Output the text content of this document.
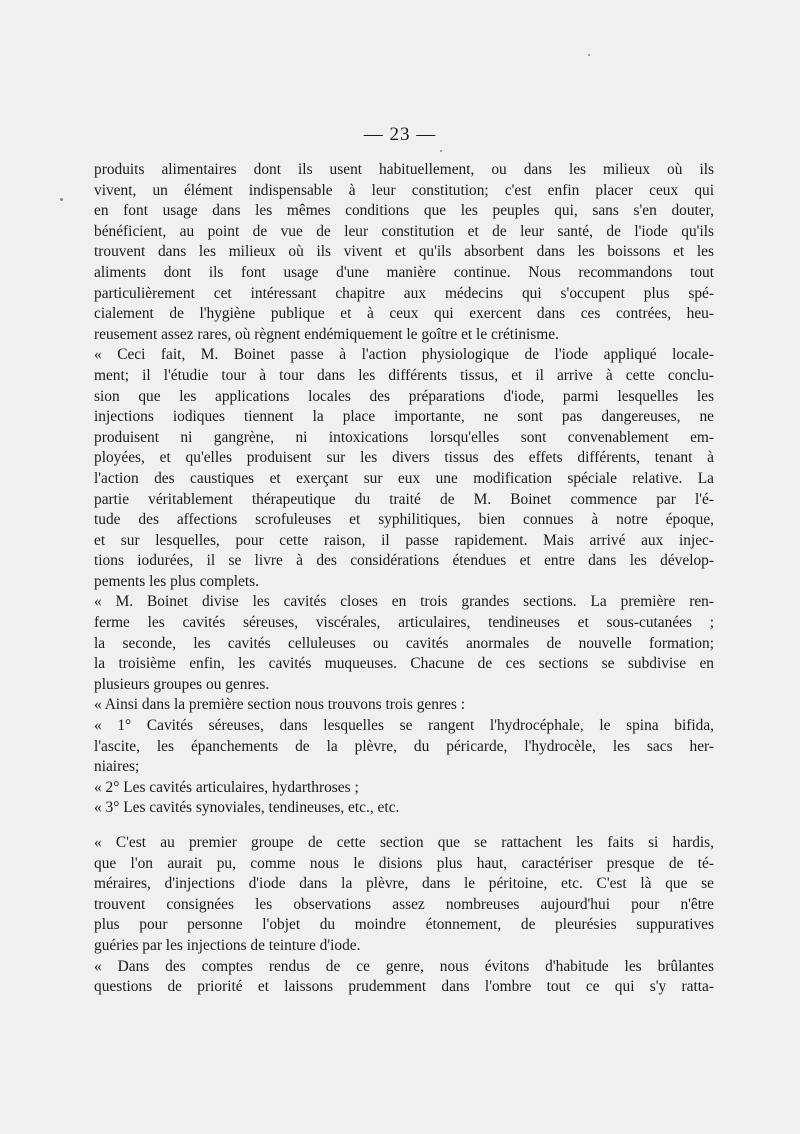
— 23 —
produits alimentaires dont ils usent habituellement, ou dans les milieux où ils
vivent, un élément indispensable à leur constitution; c'est enfin placer ceux qui
en font usage dans les mêmes conditions que les peuples qui, sans s'en douter,
bénéficient, au point de vue de leur constitution et de leur santé, de l'iode qu'ils
trouvent dans les milieux où ils vivent et qu'ils absorbent dans les boissons et les
aliments dont ils font usage d'une manière continue. Nous recommandons tout
particulièrement cet intéressant chapitre aux médecins qui s'occupent plus spé-
cialement de l'hygiène publique et à ceux qui exercent dans ces contrées, heu-
reusement assez rares, où règnent endémiquement le goître et le crétinisme.
« Ceci fait, M. Boinet passe à l'action physiologique de l'iode appliqué locale-
ment; il l'étudie tour à tour dans les différents tissus, et il arrive à cette conclu-
sion que les applications locales des préparations d'iode, parmi lesquelles les
injections iodiques tiennent la place importante, ne sont pas dangereuses, ne
produisent ni gangrène, ni intoxications lorsqu'elles sont convenablement em-
ployées, et qu'elles produisent sur les divers tissus des effets différents, tenant à
l'action des caustiques et exerçant sur eux une modification spéciale relative. La
partie véritablement thérapeutique du traité de M. Boinet commence par l'é-
tude des affections scrofuleuses et syphilitiques, bien connues à notre époque,
et sur lesquelles, pour cette raison, il passe rapidement. Mais arrivé aux injec-
tions iodurées, il se livre à des considérations étendues et entre dans les dévelop-
pements les plus complets.
« M. Boinet divise les cavités closes en trois grandes sections. La première ren-
ferme les cavités séreuses, viscérales, articulaires, tendineuses et sous-cutanées ;
la seconde, les cavités celluleuses ou cavités anormales de nouvelle formation;
la troisième enfin, les cavités muqueuses. Chacune de ces sections se subdivise en
plusieurs groupes ou genres.
« Ainsi dans la première section nous trouvons trois genres :
« 1° Cavités séreuses, dans lesquelles se rangent l'hydrocéphale, le spina bifida,
l'ascite, les épanchements de la plèvre, du péricarde, l'hydrocèle, les sacs her-
niaires;
« 2° Les cavités articulaires, hydarthroses ;
« 3° Les cavités synoviales, tendineuses, etc., etc.
« C'est au premier groupe de cette section que se rattachent les faits si hardis,
que l'on aurait pu, comme nous le disions plus haut, caractériser presque de té-
méraires, d'injections d'iode dans la plèvre, dans le péritoine, etc. C'est là que se
trouvent consignées les observations assez nombreuses aujourd'hui pour n'être
plus pour personne l'objet du moindre étonnement, de pleurésies suppuratives
guéries par les injections de teinture d'iode.
« Dans des comptes rendus de ce genre, nous évitons d'habitude les brûlantes
questions de priorité et laissons prudemment dans l'ombre tout ce qui s'y ratta-
